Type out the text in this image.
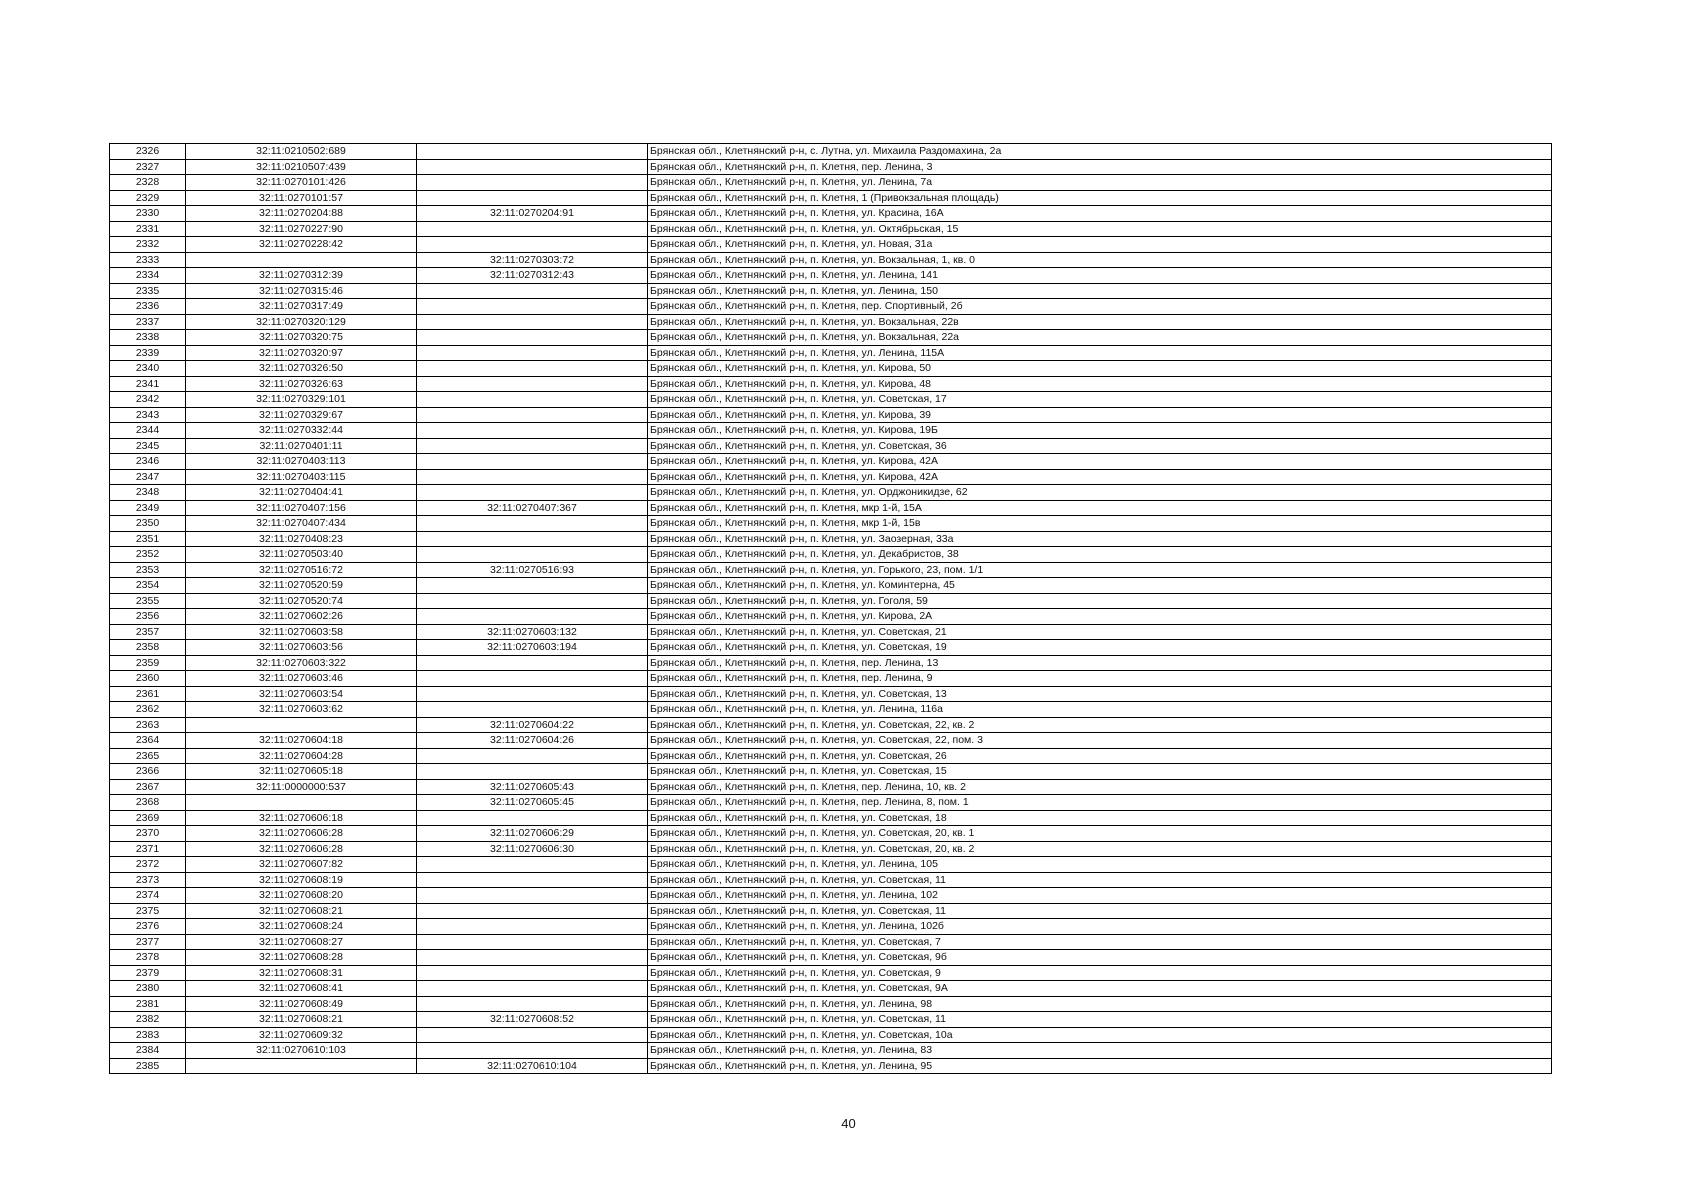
2326	32:11:0210502:689		Брянская обл., Клетнянский р-н, с. Лутна, ул. Михаила Раздомахина, 2а
2327	32:11:0210507:439		Брянская обл., Клетнянский р-н, п. Клетня, пер. Ленина, 3
2328	32:11:0270101:426		Брянская обл., Клетнянский р-н, п. Клетня, ул. Ленина, 7а
2329	32:11:0270101:57		Брянская обл., Клетнянский р-н, п. Клетня, 1 (Привокзальная площадь)
2330	32:11:0270204:88	32:11:0270204:91	Брянская обл., Клетнянский р-н, п. Клетня, ул. Красина, 16А
2331	32:11:0270227:90		Брянская обл., Клетнянский р-н, п. Клетня, ул. Октябрьская, 15
2332	32:11:0270228:42		Брянская обл., Клетнянский р-н, п. Клетня, ул. Новая, 31а
2333		32:11:0270303:72	Брянская обл., Клетнянский р-н, п. Клетня, ул. Вокзальная, 1, кв. 0
2334	32:11:0270312:39	32:11:0270312:43	Брянская обл., Клетнянский р-н, п. Клетня, ул. Ленина, 141
2335	32:11:0270315:46		Брянская обл., Клетнянский р-н, п. Клетня, ул. Ленина, 150
2336	32:11:0270317:49		Брянская обл., Клетнянский р-н, п. Клетня, пер. Спортивный, 2б
2337	32:11:0270320:129		Брянская обл., Клетнянский р-н, п. Клетня, ул. Вокзальная, 22в
2338	32:11:0270320:75		Брянская обл., Клетнянский р-н, п. Клетня, ул. Вокзальная, 22а
2339	32:11:0270320:97		Брянская обл., Клетнянский р-н, п. Клетня, ул. Ленина, 115А
2340	32:11:0270326:50		Брянская обл., Клетнянский р-н, п. Клетня, ул. Кирова, 50
2341	32:11:0270326:63		Брянская обл., Клетнянский р-н, п. Клетня, ул. Кирова, 48
2342	32:11:0270329:101		Брянская обл., Клетнянский р-н, п. Клетня, ул. Советская, 17
2343	32:11:0270329:67		Брянская обл., Клетнянский р-н, п. Клетня, ул. Кирова, 39
2344	32:11:0270332:44		Брянская обл., Клетнянский р-н, п. Клетня, ул. Кирова, 19Б
2345	32:11:0270401:11		Брянская обл., Клетнянский р-н, п. Клетня, ул. Советская, 36
2346	32:11:0270403:113		Брянская обл., Клетнянский р-н, п. Клетня, ул. Кирова, 42А
2347	32:11:0270403:115		Брянская обл., Клетнянский р-н, п. Клетня, ул. Кирова, 42А
2348	32:11:0270404:41		Брянская обл., Клетнянский р-н, п. Клетня, ул. Орджоникидзе, 62
2349	32:11:0270407:156	32:11:0270407:367	Брянская обл., Клетнянский р-н, п. Клетня, мкр 1-й, 15А
2350	32:11:0270407:434		Брянская обл., Клетнянский р-н, п. Клетня, мкр 1-й, 15в
2351	32:11:0270408:23		Брянская обл., Клетнянский р-н, п. Клетня, ул. Заозерная, 33а
2352	32:11:0270503:40		Брянская обл., Клетнянский р-н, п. Клетня, ул. Декабристов, 38
2353	32:11:0270516:72	32:11:0270516:93	Брянская обл., Клетнянский р-н, п. Клетня, ул. Горького, 23, пом. 1/1
2354	32:11:0270520:59		Брянская обл., Клетнянский р-н, п. Клетня, ул. Коминтерна, 45
2355	32:11:0270520:74		Брянская обл., Клетнянский р-н, п. Клетня, ул. Гоголя, 59
2356	32:11:0270602:26		Брянская обл., Клетнянский р-н, п. Клетня, ул. Кирова, 2А
2357	32:11:0270603:58	32:11:0270603:132	Брянская обл., Клетнянский р-н, п. Клетня, ул. Советская, 21
2358	32:11:0270603:56	32:11:0270603:194	Брянская обл., Клетнянский р-н, п. Клетня, ул. Советская, 19
2359	32:11:0270603:322		Брянская обл., Клетнянский р-н, п. Клетня, пер. Ленина, 13
2360	32:11:0270603:46		Брянская обл., Клетнянский р-н, п. Клетня, пер. Ленина, 9
2361	32:11:0270603:54		Брянская обл., Клетнянский р-н, п. Клетня, ул. Советская, 13
2362	32:11:0270603:62		Брянская обл., Клетнянский р-н, п. Клетня, ул. Ленина, 116а
2363		32:11:0270604:22	Брянская обл., Клетнянский р-н, п. Клетня, ул. Советская, 22, кв. 2
2364	32:11:0270604:18	32:11:0270604:26	Брянская обл., Клетнянский р-н, п. Клетня, ул. Советская, 22, пом. 3
2365	32:11:0270604:28		Брянская обл., Клетнянский р-н, п. Клетня, ул. Советская, 26
2366	32:11:0270605:18		Брянская обл., Клетнянский р-н, п. Клетня, ул. Советская, 15
2367	32:11:0000000:537	32:11:0270605:43	Брянская обл., Клетнянский р-н, п. Клетня, пер. Ленина, 10, кв. 2
2368		32:11:0270605:45	Брянская обл., Клетнянский р-н, п. Клетня, пер. Ленина, 8, пом. 1
2369	32:11:0270606:18		Брянская обл., Клетнянский р-н, п. Клетня, ул. Советская, 18
2370	32:11:0270606:28	32:11:0270606:29	Брянская обл., Клетнянский р-н, п. Клетня, ул. Советская, 20, кв. 1
2371	32:11:0270606:28	32:11:0270606:30	Брянская обл., Клетнянский р-н, п. Клетня, ул. Советская, 20, кв. 2
2372	32:11:0270607:82		Брянская обл., Клетнянский р-н, п. Клетня, ул. Ленина, 105
2373	32:11:0270608:19		Брянская обл., Клетнянский р-н, п. Клетня, ул. Советская, 11
2374	32:11:0270608:20		Брянская обл., Клетнянский р-н, п. Клетня, ул. Ленина, 102
2375	32:11:0270608:21		Брянская обл., Клетнянский р-н, п. Клетня, ул. Советская, 11
2376	32:11:0270608:24		Брянская обл., Клетнянский р-н, п. Клетня, ул. Ленина, 102б
2377	32:11:0270608:27		Брянская обл., Клетнянский р-н, п. Клетня, ул. Советская, 7
2378	32:11:0270608:28		Брянская обл., Клетнянский р-н, п. Клетня, ул. Советская, 9б
2379	32:11:0270608:31		Брянская обл., Клетнянский р-н, п. Клетня, ул. Советская, 9
2380	32:11:0270608:41		Брянская обл., Клетнянский р-н, п. Клетня, ул. Советская, 9А
2381	32:11:0270608:49		Брянская обл., Клетнянский р-н, п. Клетня, ул. Ленина, 98
2382	32:11:0270608:21	32:11:0270608:52	Брянская обл., Клетнянский р-н, п. Клетня, ул. Советская, 11
2383	32:11:0270609:32		Брянская обл., Клетнянский р-н, п. Клетня, ул. Советская, 10а
2384	32:11:0270610:103		Брянская обл., Клетнянский р-н, п. Клетня, ул. Ленина, 83
2385		32:11:0270610:104	Брянская обл., Клетнянский р-н, п. Клетня, ул. Ленина, 95
40
